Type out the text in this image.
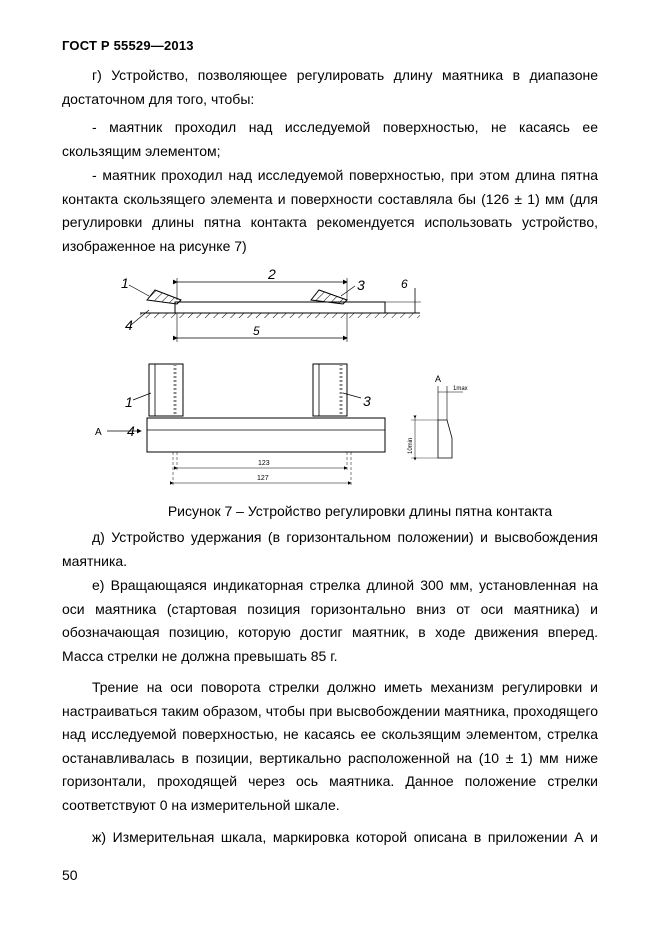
ГОСТ Р 55529—2013

г) Устройство, позволяющее регулировать длину маятника в диапазоне достаточном для того, чтобы:

- маятник проходил над исследуемой поверхностью, не касаясь ее скользящим элементом;

- маятник проходил над исследуемой поверхностью, при этом длина пятна контакта скользящего элемента и поверхности составляла бы (126 ± 1) мм (для регулировки длины пятна контакта рекомендуется использовать устройство, изображенное на рисунке 7)

1
4
2
3
5
6
123
127
А
1
4
3
А
1max
10min
Рисунок 7 – Устройство регулировки длины пятна контакта

д) Устройство удержания (в горизонтальном положении) и высвобождения маятника.

е) Вращающаяся индикаторная стрелка длиной 300 мм, установленная на оси маятника (стартовая позиция горизонтально вниз от оси маятника) и обозначающая позицию, которую достиг маятник, в ходе движения вперед. Масса стрелки не должна превышать 85 г.

Трение на оси поворота стрелки должно иметь механизм регулировки и настраиваться таким образом, чтобы при высвобождении маятника, проходящего над исследуемой поверхностью, не касаясь ее скользящим элементом, стрелка останавливалась в позиции, вертикально расположенной на (10 ± 1) мм ниже горизонтали, проходящей через ось маятника. Данное положение стрелки соответствуют 0 на измерительной шкале.

ж) Измерительная шкала, маркировка которой описана в приложении А и

50
